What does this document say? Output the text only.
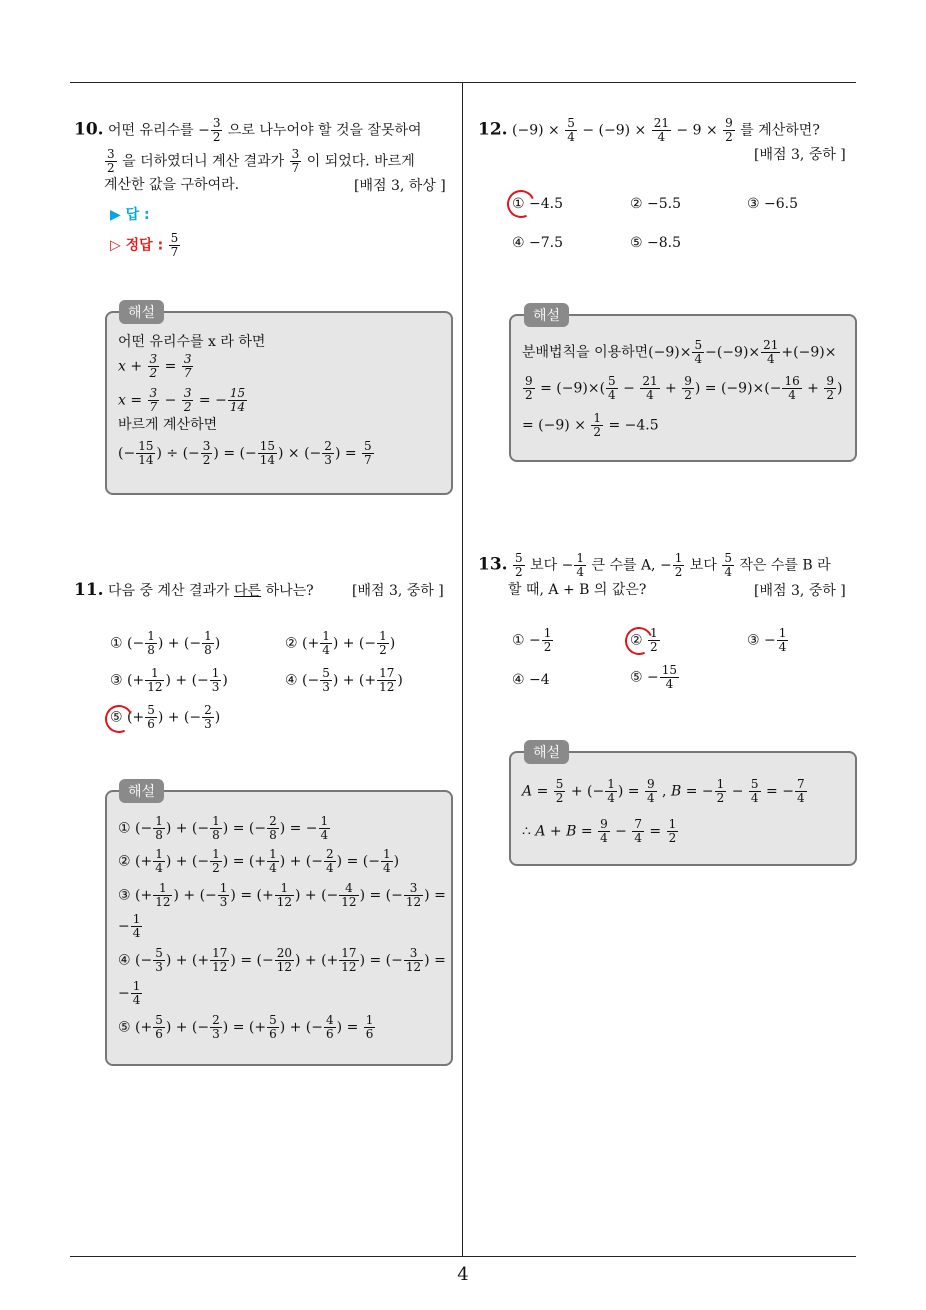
4
10. 어떤 유리수를 − $\frac{3}{2}$ 으로 나누어야 할 것을 잘못하여
$\frac{3}{2}$ 을 더하였더니 계산 결과가 $\frac{3}{7}$ 이 되었다. 바르게
계산한 값을 구하여라.	[배점 3, 하상 ]
▶ 답 :
▷ 정답 : $\frac{5}{7}$
해설
어떤 유리수를 x 라 하면
$x + \frac{3}{2} = \frac{3}{7}$
$x = \frac{3}{7} - \frac{3}{2}$ = − $\frac{15}{14}$
바르게 계산하면
(− $\frac{15}{14}$ ) ÷ (− $\frac{3}{2}$ ) = (− $\frac{15}{14}$ ) × (− $\frac{2}{3}$ ) = $\frac{5}{7}$
11. 다음 중 계산 결과가 다른 하나는?	[배점 3, 중하 ]
① (− $\frac{1}{8}$ ) + (− $\frac{1}{8}$ )	② (+ $\frac{1}{4}$ ) + (− $\frac{1}{2}$ )
③ (+ $\frac{1}{12}$ ) + (− $\frac{1}{3}$ )	④ (− $\frac{5}{3}$ ) + (+ $\frac{17}{12}$ )
⑤ (+ $\frac{5}{6}$ ) + (− $\frac{2}{3}$ )
해설
① (− $\frac{1}{8}$ ) + (− $\frac{1}{8}$ ) = (− $\frac{2}{8}$ ) = − $\frac{1}{4}$
② (+ $\frac{1}{4}$ ) + (− $\frac{1}{2}$ ) = (+ $\frac{1}{4}$ ) + (− $\frac{2}{4}$ ) = (− $\frac{1}{4}$ )
③ (+ $\frac{1}{12}$ ) + (− $\frac{1}{3}$ ) = (+ $\frac{1}{12}$ ) + (− $\frac{4}{12}$ ) = (− $\frac{3}{12}$ ) =
− $\frac{1}{4}$
④ (− $\frac{5}{3}$ ) + (+ $\frac{17}{12}$ ) = (− $\frac{20}{12}$ ) + (+ $\frac{17}{12}$ ) = (− $\frac{3}{12}$ ) =
− $\frac{1}{4}$
⑤ (+ $\frac{5}{6}$ ) + (− $\frac{2}{3}$ ) = (+ $\frac{5}{6}$ ) + (− $\frac{4}{6}$ ) = $\frac{1}{6}$
12. $(-9) \times \frac{5}{4} - (-9) \times \frac{21}{4} - 9 \times \frac{9}{2}$ 를 계산하면?
[배점 3, 중하 ]
① −4.5	② −5.5	③ −6.5
④ −7.5	⑤ −8.5
해설
분배법칙을 이용하면$(-9)\times \frac{5}{4} -(-9)\times \frac{21}{4} +(-9)\times$
$\frac{9}{2} = (-9)\times( \frac{5}{4} - \frac{21}{4} + \frac{9}{2}$ ) = $(-9)\times(- \frac{16}{4} + \frac{9}{2}$ )
= $(-9) \times \frac{1}{2} = -4.5$
13. $\frac{5}{2}$ 보다 − $\frac{1}{4}$ 큰 수를 A, − $\frac{1}{2}$ 보다 $\frac{5}{4}$ 작은 수를 B 라
할 때, A + B 의 값은?	[배점 3, 중하 ]
① − $\frac{1}{2}$	② $\frac{1}{2}$	③ − $\frac{1}{4}$
④ −4	⑤ − $\frac{15}{4}$
해설
$A = \frac{5}{2}$ + (− $\frac{1}{4}$ ) = $\frac{9}{4}$ , B = − $\frac{1}{2} - \frac{5}{4}$ = − $\frac{7}{4}$
∴ $A + B = \frac{9}{4} - \frac{7}{4} = \frac{1}{2}$
